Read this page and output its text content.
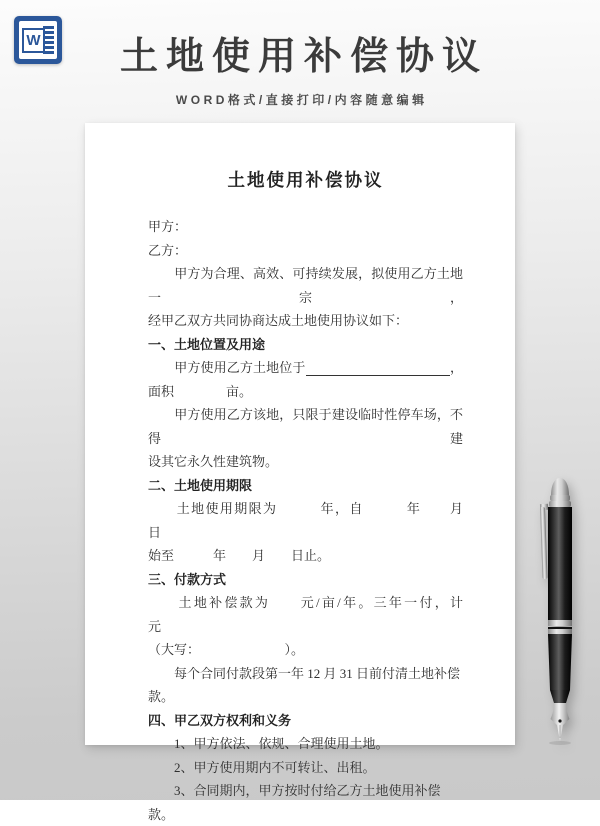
W	土地使用补偿协议
WORD格式/直接打印/内容随意编辑
土地使用补偿协议
甲方：
乙方：
　　甲方为合理、高效、可持续发展，拟使用乙方土地一宗，
经甲乙双方共同协商达成土地使用协议如下：
一、土地位置及用途
　　甲方使用乙方土地位于　　　　　　　　　　　	，
面积　　　　亩。
　　甲方使用乙方该地，只限于建设临时性停车场，不得建
设其它永久性建筑物。
二、土地使用期限
　　土地使用期限为　　　年，自　　　年　　月　　日
始至　　　年　　月　　日止。
三、付款方式
　　土地补偿款为　　元/亩/年。三年一付，计　　　　元
（大写：　　　　　　　）。
　　每个合同付款段第一年 12 月 31 日前付清土地补偿款。
四、甲乙双方权利和义务
　　1、甲方依法、依规、合理使用土地。
　　2、甲方使用期内不可转让、出租。
　　3、合同期内，甲方按时付给乙方土地使用补偿款。
